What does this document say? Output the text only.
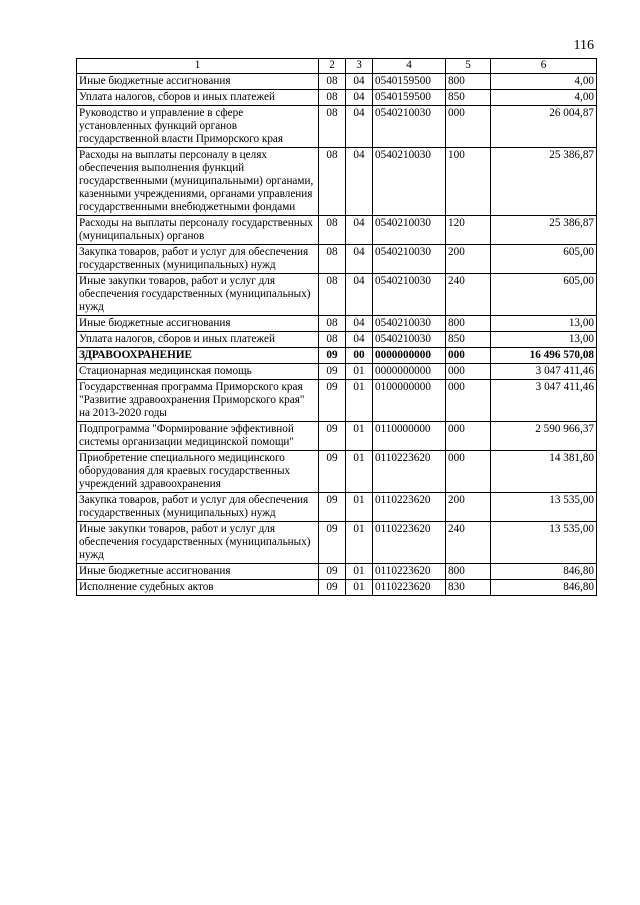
116
1	2	3	4	5	6
Иные бюджетные ассигнования	08	04	0540159500	800	4,00
Уплата налогов, сборов и иных платежей	08	04	0540159500	850	4,00
Руководство и управление в сфере установленных функций органов государственной власти Приморского края	08	04	0540210030	000	26 004,87
Расходы на выплаты персоналу в целях обеспечения выполнения функций государственными (муниципальными) органами, казенными учреждениями, органами управления государственными внебюджетными фондами	08	04	0540210030	100	25 386,87
Расходы на выплаты персоналу государственных (муниципальных) органов	08	04	0540210030	120	25 386,87
Закупка товаров, работ и услуг для обеспечения государственных (муниципальных) нужд	08	04	0540210030	200	605,00
Иные закупки товаров, работ и услуг для обеспечения государственных (муниципальных) нужд	08	04	0540210030	240	605,00
Иные бюджетные ассигнования	08	04	0540210030	800	13,00
Уплата налогов, сборов и иных платежей	08	04	0540210030	850	13,00
ЗДРАВООХРАНЕНИЕ	09	00	0000000000	000	16 496 570,08
Стационарная медицинская помощь	09	01	0000000000	000	3 047 411,46
Государственная программа Приморского края "Развитие здравоохранения Приморского края" на 2013-2020 годы	09	01	0100000000	000	3 047 411,46
Подпрограмма "Формирование эффективной системы организации медицинской помощи"	09	01	0110000000	000	2 590 966,37
Приобретение специального медицинского оборудования для краевых государственных учреждений здравоохранения	09	01	0110223620	000	14 381,80
Закупка товаров, работ и услуг для обеспечения государственных (муниципальных) нужд	09	01	0110223620	200	13 535,00
Иные закупки товаров, работ и услуг для обеспечения государственных (муниципальных) нужд	09	01	0110223620	240	13 535,00
Иные бюджетные ассигнования	09	01	0110223620	800	846,80
Исполнение судебных актов	09	01	0110223620	830	846,80
